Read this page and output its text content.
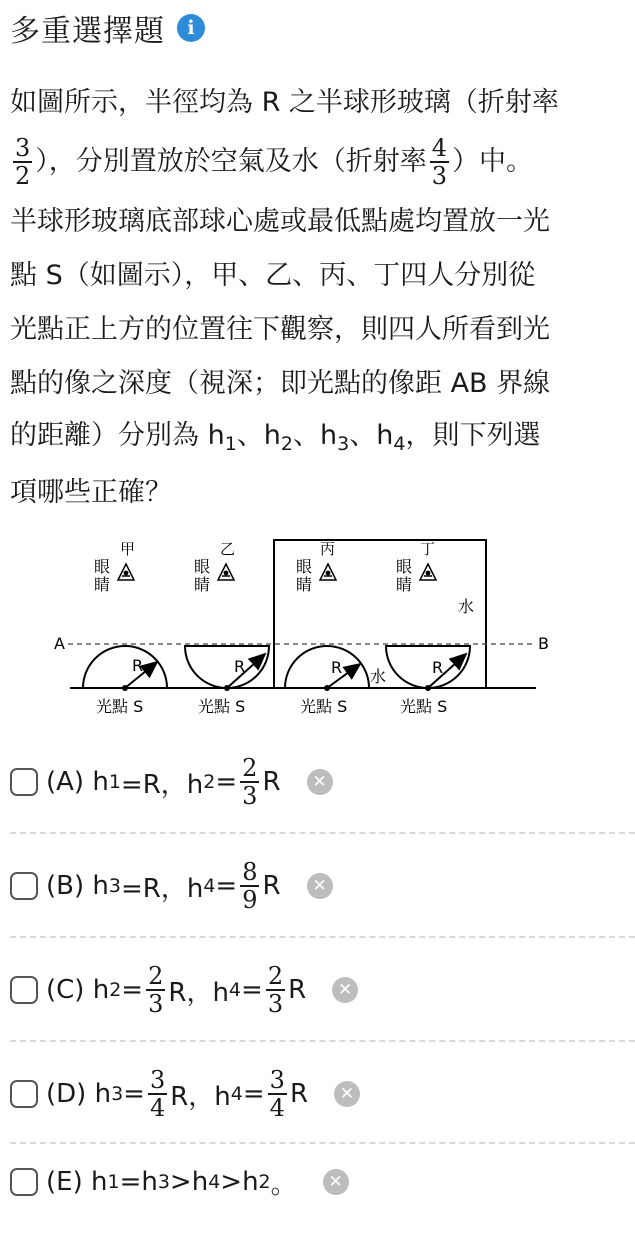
多重選擇題	i
如圖所示，半徑均為 R 之半球形玻璃（折射率
$\frac{3}{2}$ ），分別置放於空氣及水（折射率 $\frac{4}{3}$ ）中。
半球形玻璃底部球心處或最低點處均置放一光
點 S（如圖示），甲、乙、丙、丁四人分別從
光點正上方的位置往下觀察，則四人所看到光
點的像之深度（視深；即光點的像距 AB 界線
的距離）分別為 $h_1$、$h_2$、$h_3$、$h_4$，則下列選
項哪些正確？
A	B
R	R	R 水	R
水
甲
眼
睛
乙
眼
睛
丙
眼
睛
丁
眼
睛
光點 S	光點 S	光點 S	光點 S
(A)
h 1 =R，h $2 = \frac{2}{3}$ R	✕
(B)
h 3 =R，h $4 = \frac{8}{9}$ R	✕
(C)
h $2 = \frac{2}{3}$ R，h $4 = \frac{2}{3}$ R	✕
(D)
h $3 = \frac{3}{4}$ R，h $4 = \frac{3}{4}$ R	✕
(E)
h 1 =h 3 >h 4 >h 2 。	✕
